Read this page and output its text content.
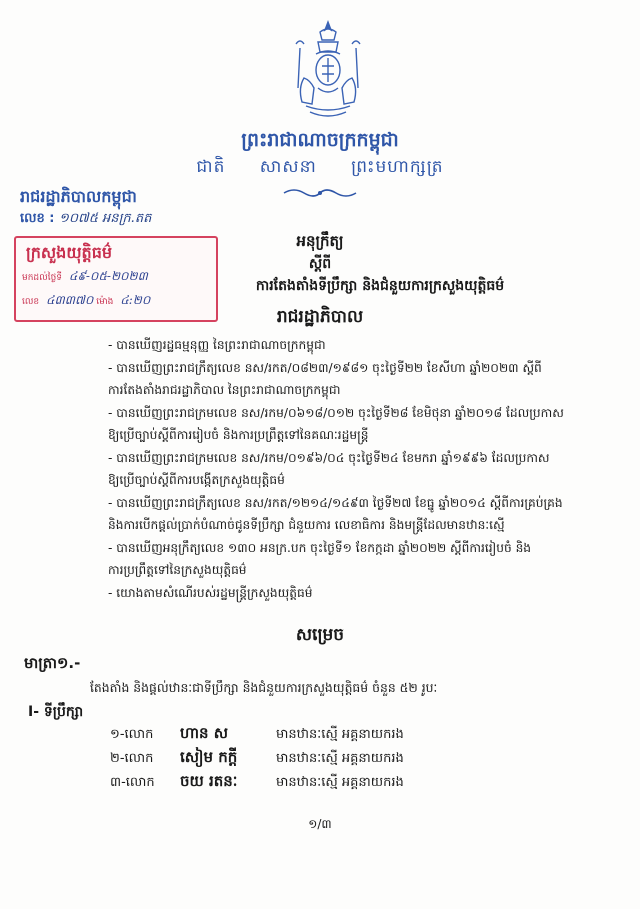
ព្រះរាជាណាចក្រកម្ពុជា
ជាតិ សាសនា ព្រះមហាក្សត្រ
រាជរដ្ឋាភិបាលកម្ពុជា
លេខ : ១០៧៥ អនក្រ.តត
ក្រសួងយុត្តិធម៌
មកដល់ថ្ងៃទី ៤៩-០៥-២០២៣
លេខ ៤៣៣៧០ ម៉ោង ៤:២០
អនុក្រឹត្យ
ស្តីពី
ការតែងតាំងទីប្រឹក្សា និងជំនួយការក្រសួងយុត្តិធម៌
រាជរដ្ឋាភិបាល

- បានឃើញរដ្ឋធម្មនុញ្ញ នៃព្រះរាជាណាចក្រកម្ពុជា

- បានឃើញព្រះរាជក្រឹត្យលេខ នស/រកត/០៨២៣/១៩៨១ ចុះថ្ងៃទី២២ ខែសីហា ឆ្នាំ២០២៣ ស្តីពី

ការតែងតាំងរាជរដ្ឋាភិបាល នៃព្រះរាជាណាចក្រកម្ពុជា

- បានឃើញព្រះរាជក្រមលេខ នស/រកម/០៦១៨/០១២ ចុះថ្ងៃទី២៨ ខែមិថុនា ឆ្នាំ២០១៨ ដែលប្រកាស

ឱ្យប្រើច្បាប់ស្តីពីការរៀបចំ និងការប្រព្រឹត្តទៅនៃគណៈរដ្ឋមន្ត្រី

- បានឃើញព្រះរាជក្រមលេខ នស/រកម/០១៩៦/០៤ ចុះថ្ងៃទី២៤ ខែមករា ឆ្នាំ១៩៩៦ ដែលប្រកាស

ឱ្យប្រើច្បាប់ស្តីពីការបង្កើតក្រសួងយុត្តិធម៌

- បានឃើញព្រះរាជក្រឹត្យលេខ នស/រកត/១២១៤/១៤៩៣ ថ្ងៃទី២៧ ខែធ្នូ ឆ្នាំ២០១៤ ស្តីពីការគ្រប់គ្រង

និងការបើកផ្តល់ប្រាក់បំណាច់ជូនទីប្រឹក្សា ជំនួយការ លេខាធិការ និងមន្ត្រីដែលមានឋានៈស្មើ

- បានឃើញអនុក្រឹត្យលេខ ១៣០ អនក្រ.បក ចុះថ្ងៃទី១ ខែកក្កដា ឆ្នាំ២០២២ ស្តីពីការរៀបចំ និង

ការប្រព្រឹត្តទៅនៃក្រសួងយុត្តិធម៌

- យោងតាមសំណើរបស់រដ្ឋមន្ត្រីក្រសួងយុត្តិធម៌

សម្រេច
មាត្រា១.-
តែងតាំង និងផ្តល់ឋានៈជាទីប្រឹក្សា និងជំនួយការក្រសួងយុត្តិធម៌ ចំនួន ៥២ រូបៈ
I- ទីប្រឹក្សា
១-លោក ហាន ស	មានឋានៈស្មើ អគ្គនាយករង
២-លោក សៀម កក្តី	មានឋានៈស្មើ អគ្គនាយករង
៣-លោក ចយ រតនៈ	មានឋានៈស្មើ អគ្គនាយករង
១/៣
